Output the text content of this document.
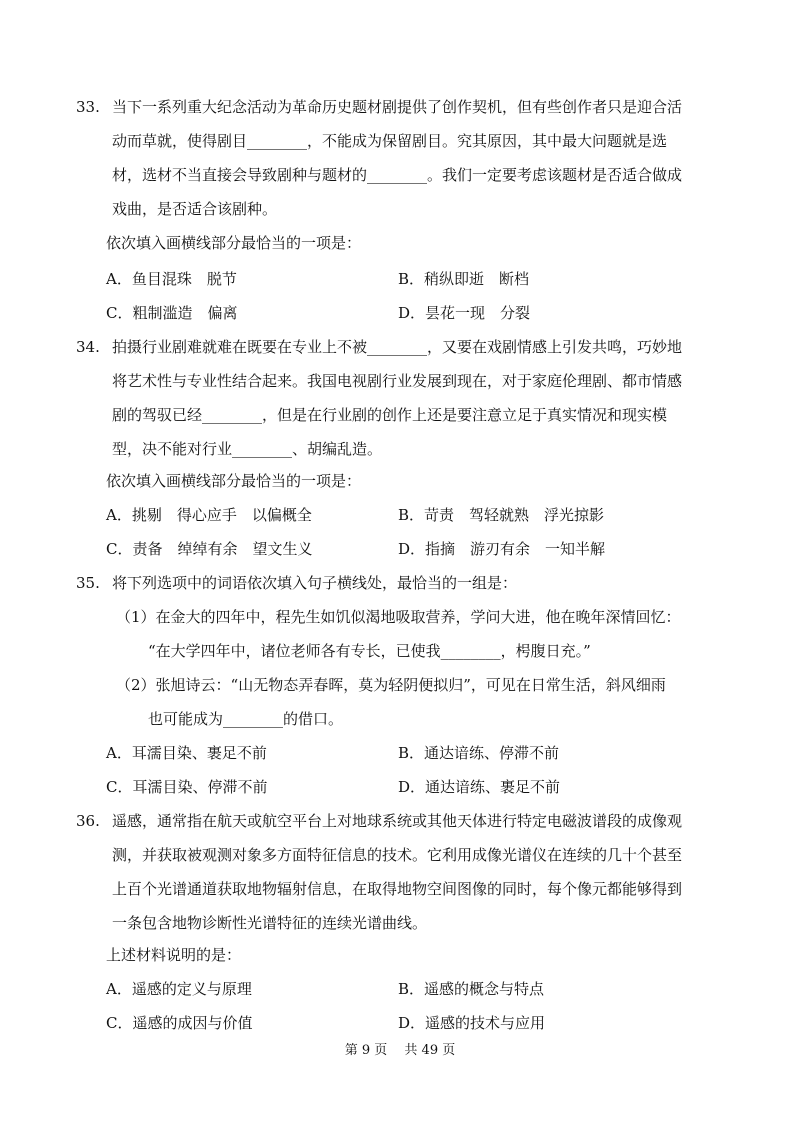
33. 当下一系列重大纪念活动为革命历史题材剧提供了创作契机，但有些创作者只是迎合活
动而草就，使得剧目________，不能成为保留剧目。究其原因，其中最大问题就是选
材，选材不当直接会导致剧种与题材的________。我们一定要考虑该题材是否适合做成
戏曲，是否适合该剧种。
依次填入画横线部分最恰当的一项是：
A．鱼目混珠　脱节	B．稍纵即逝　断档
C．粗制滥造　偏离	D．昙花一现　分裂
34. 拍摄行业剧难就难在既要在专业上不被________，又要在戏剧情感上引发共鸣，巧妙地
将艺术性与专业性结合起来。我国电视剧行业发展到现在，对于家庭伦理剧、都市情感
剧的驾驭已经________，但是在行业剧的创作上还是要注意立足于真实情况和现实模
型，决不能对行业________、胡编乱造。
依次填入画横线部分最恰当的一项是：
A．挑剔　得心应手　以偏概全	B．苛责　驾轻就熟　浮光掠影
C．责备　绰绰有余　望文生义	D．指摘　游刃有余　一知半解
35. 将下列选项中的词语依次填入句子横线处，最恰当的一组是：
（1）在金大的四年中，程先生如饥似渴地吸取营养，学问大进，他在晚年深情回忆：
“在大学四年中，诸位老师各有专长，已使我________，枵腹日充。”
（2）张旭诗云：“山无物态弄春晖，莫为轻阴便拟归”，可见在日常生活，斜风细雨
也可能成为________的借口。
A．耳濡目染、裹足不前	B．通达谙练、停滞不前
C．耳濡目染、停滞不前	D．通达谙练、裹足不前
36. 遥感，通常指在航天或航空平台上对地球系统或其他天体进行特定电磁波谱段的成像观
测，并获取被观测对象多方面特征信息的技术。它利用成像光谱仪在连续的几十个甚至
上百个光谱通道获取地物辐射信息，在取得地物空间图像的同时，每个像元都能够得到
一条包含地物诊断性光谱特征的连续光谱曲线。
上述材料说明的是：
A．遥感的定义与原理	B．遥感的概念与特点
C．遥感的成因与价值	D．遥感的技术与应用
第 9 页　 共 49 页
